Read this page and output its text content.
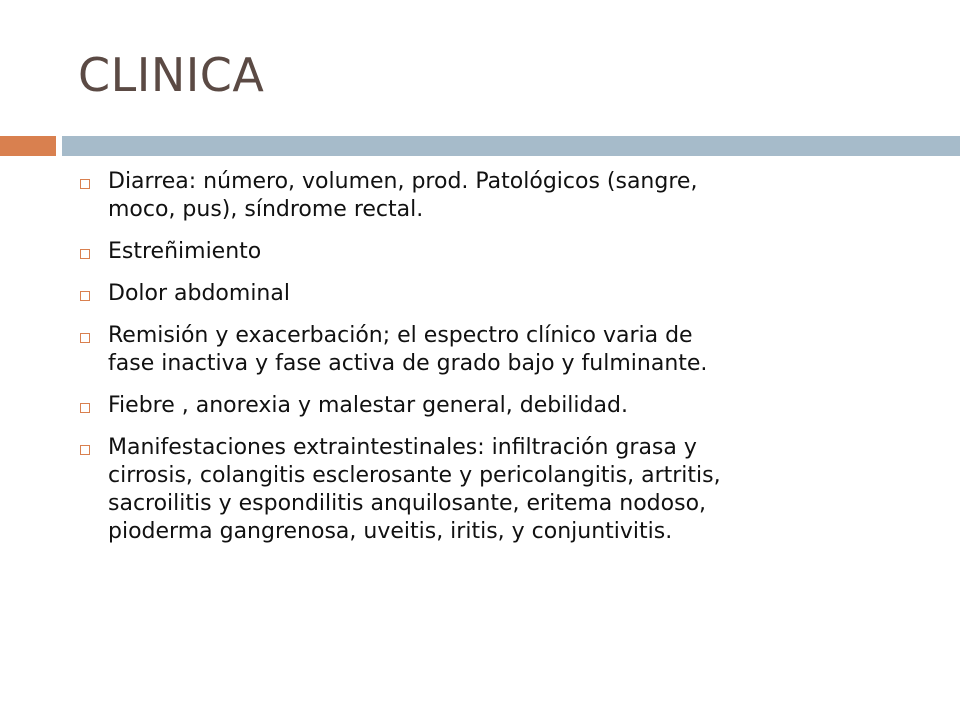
CLINICA
Diarrea: número, volumen, prod. Patológicos (sangre,
moco, pus), síndrome rectal.
Estreñimiento
Dolor abdominal
Remisión y exacerbación; el espectro clínico varia de
fase inactiva y fase activa de grado bajo y fulminante.
Fiebre , anorexia y malestar general, debilidad.
Manifestaciones extraintestinales: infiltración grasa y
cirrosis, colangitis esclerosante y pericolangitis, artritis,
sacroilitis y espondilitis anquilosante, eritema nodoso,
pioderma gangrenosa, uveitis, iritis, y conjuntivitis.
